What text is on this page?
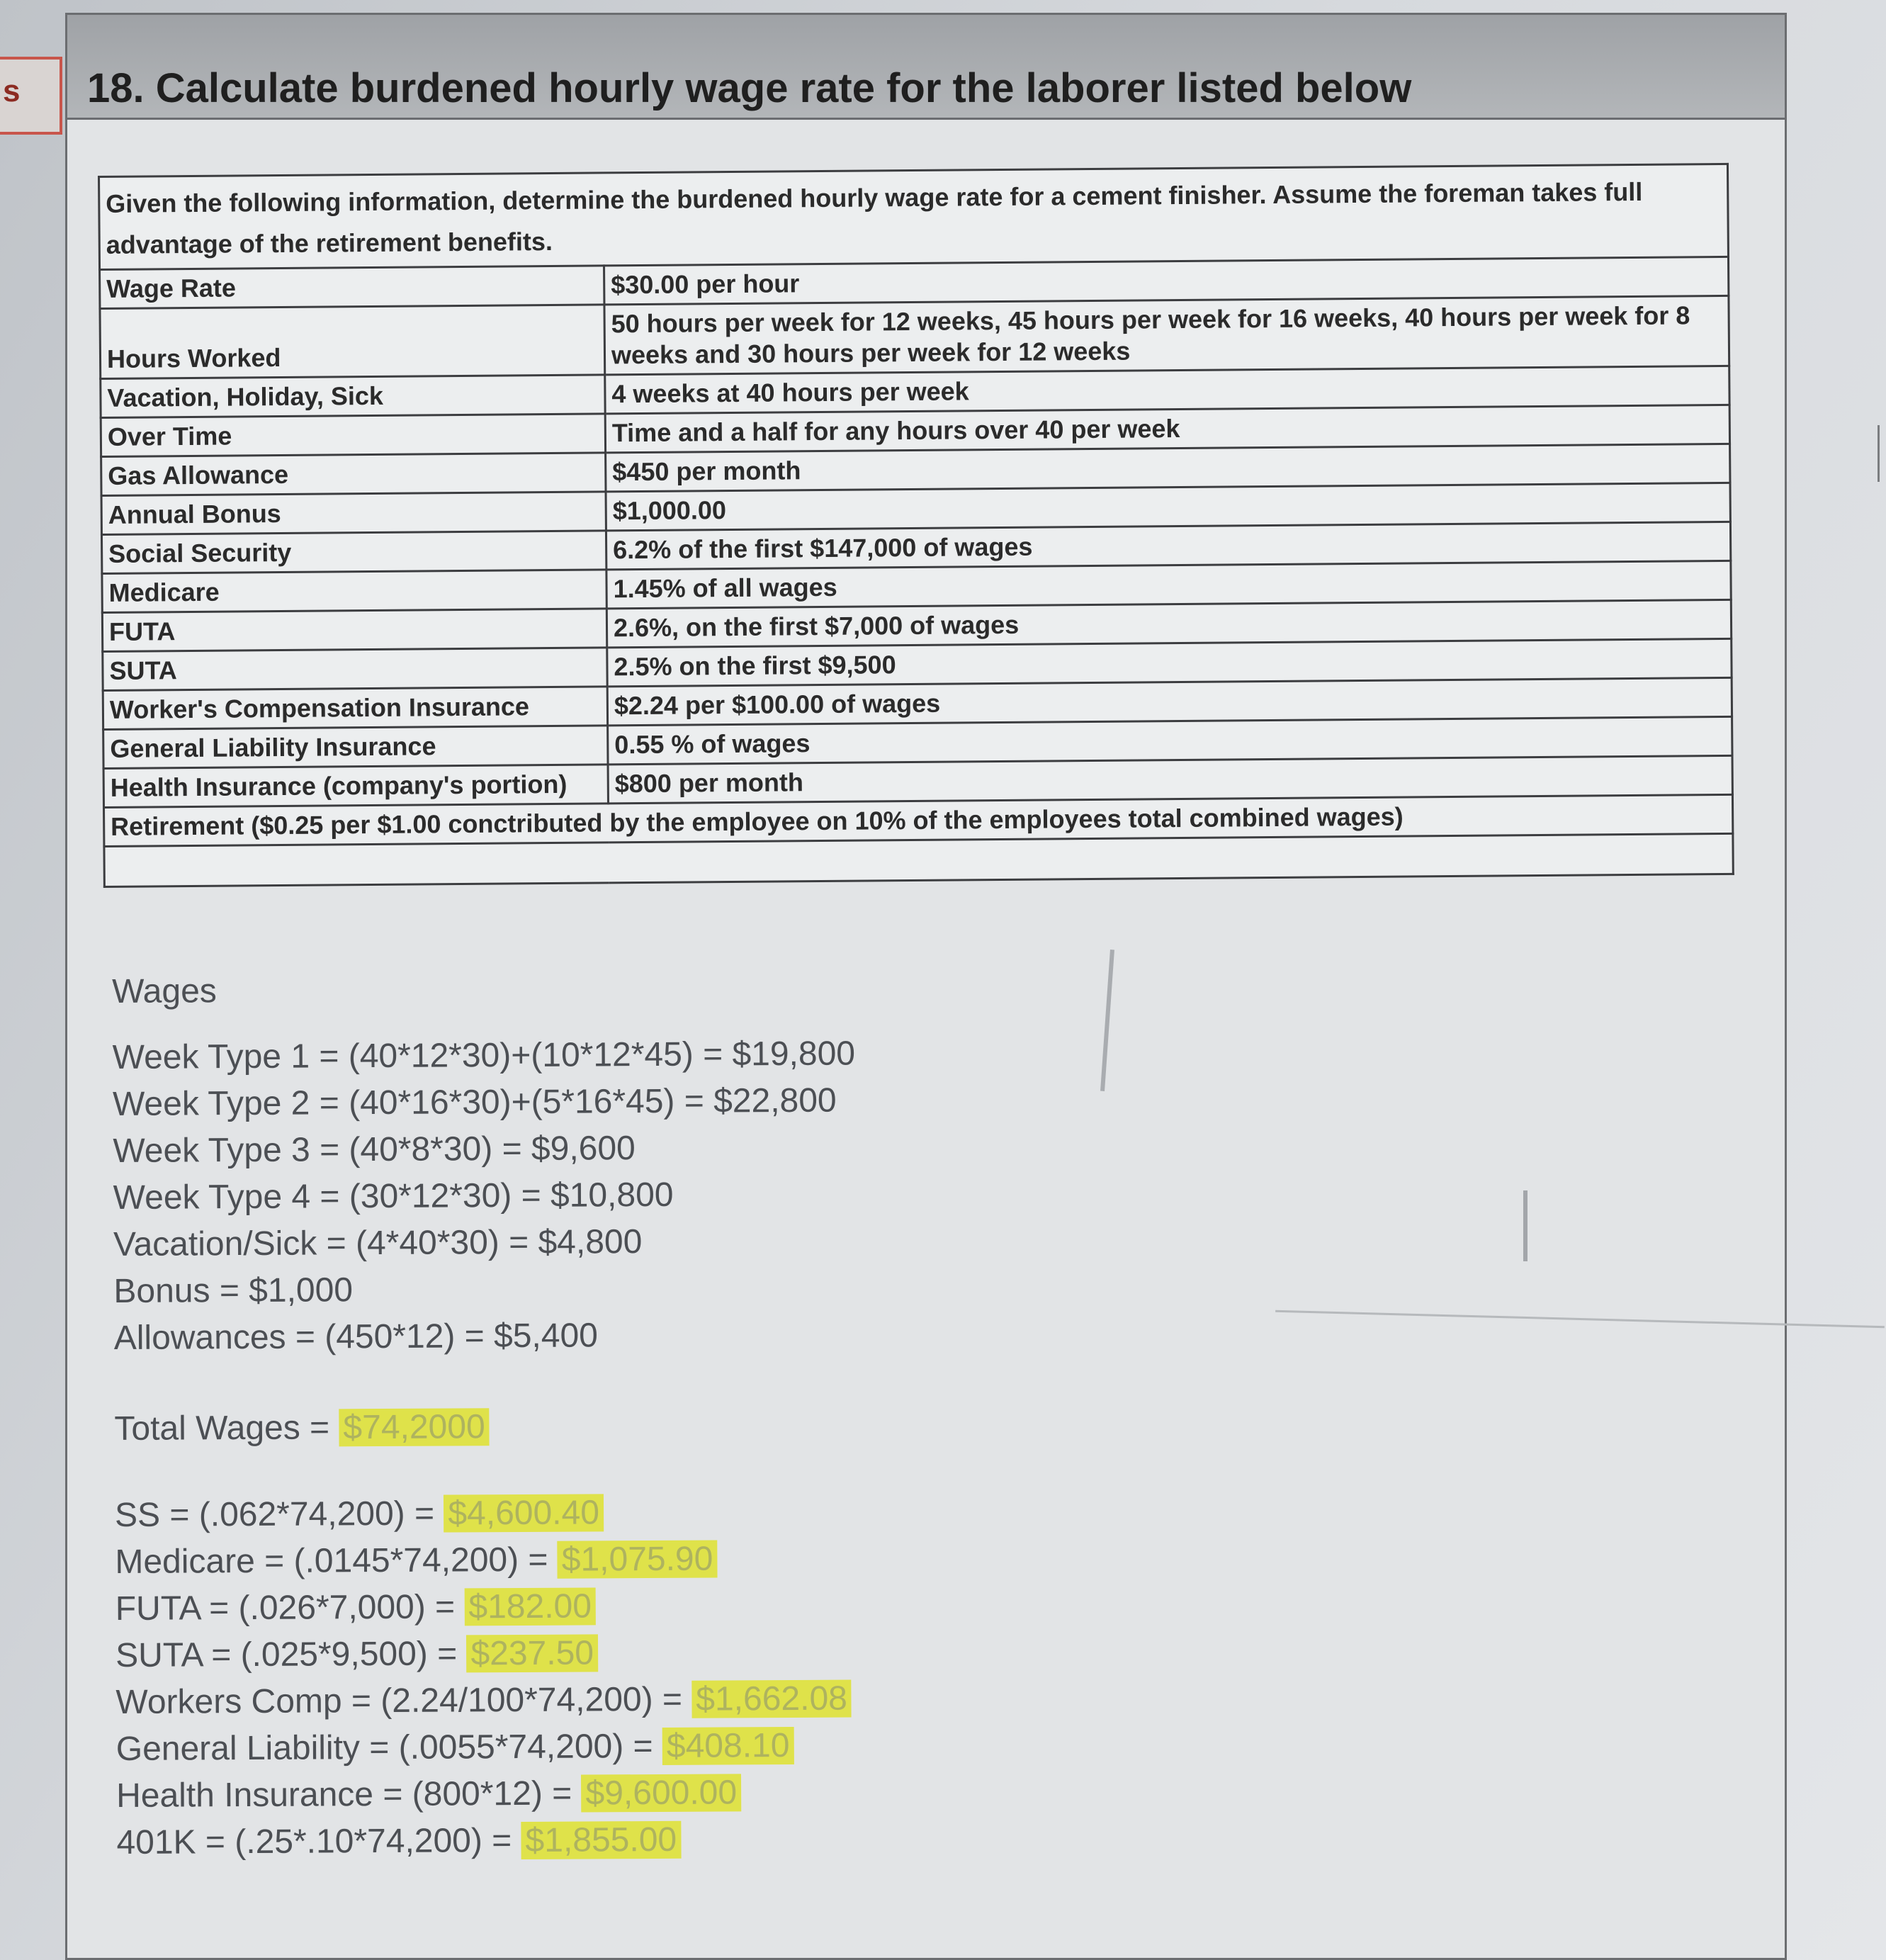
s 18. Calculate burdened hourly wage rate for the laborer listed below
Given the following information, determine the burdened hourly wage rate for a cement finisher. Assume the foreman takes full
advantage of the retirement benefits.	

Wage Rate	$30.00 per hour
Hours Worked	50 hours per week for 12 weeks, 45 hours per week for 16 weeks, 40 hours per week for 8 weeks and 30 hours per week for 12 weeks
Vacation, Holiday, Sick	4 weeks at 40 hours per week
Over Time	Time and a half for any hours over 40 per week
Gas Allowance	$450 per month
Annual Bonus	$1,000.00
Social Security	6.2% of the first $147,000 of wages
Medicare	1.45% of all wages
FUTA	2.6%, on the first $7,000 of wages
SUTA	2.5% on the first $9,500
Worker's Compensation Insurance	$2.24 per $100.00 of wages
General Liability Insurance	0.55 % of wages
Health Insurance (company's portion)	$800 per month
Retirement ($0.25 per $1.00 conctributed by the employee on 10% of the employees total combined wages)	

Wages
Week Type 1 = (40*12*30)+(10*12*45) = $19,800
Week Type 2 = (40*16*30)+(5*16*45) = $22,800
Week Type 3 = (40*8*30) = $9,600
Week Type 4 = (30*12*30) = $10,800
Vacation/Sick = (4*40*30) = $4,800
Bonus = $1,000
Allowances = (450*12) = $5,400
Total Wages = $74,2000
SS = (.062*74,200) = $4,600.40
Medicare = (.0145*74,200) = $1,075.90
FUTA = (.026*7,000) = $182.00
SUTA = (.025*9,500) = $237.50
Workers Comp = (2.24/100*74,200) = $1,662.08
General Liability = (.0055*74,200) = $408.10
Health Insurance = (800*12) = $9,600.00
401K = (.25*.10*74,200) = $1,855.00
